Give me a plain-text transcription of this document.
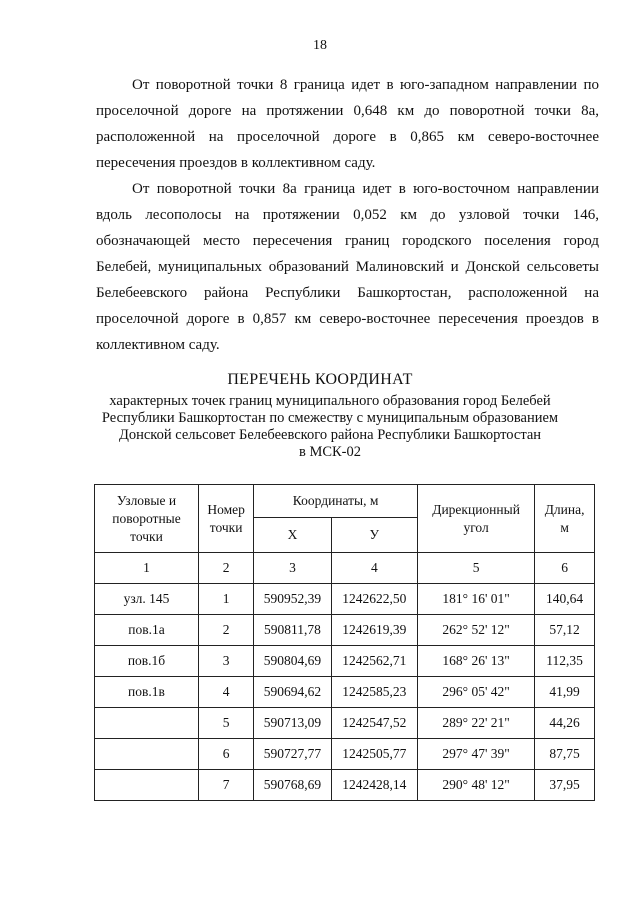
18

От поворотной точки 8 граница идет в юго-западном направлении по проселочной дороге на протяжении 0,648 км до поворотной точки 8а, расположенной на проселочной дороге в 0,865 км северо-восточнее пересечения проездов в коллективном саду.

От поворотной точки 8а граница идет в юго-восточном направлении вдоль лесополосы на протяжении 0,052 км до узловой точки 146, обозначающей место пересечения границ городского поселения город Белебей, муниципальных образований Малиновский и Донской сельсоветы Белебеевского района Республики Башкортостан, расположенной на проселочной дороге в 0,857 км северо-восточнее пересечения проездов в коллективном саду.

ПЕРЕЧЕНЬ КООРДИНАТ
характерных точек границ муниципального образования город Белебей
Республики Башкортостан по смежеству с муниципальным образованием
Донской сельсовет Белебеевского района Республики Башкортостан
в МСК-02
Узловые и поворотные точки	Номер точки	Координаты, м		Дирекционный угол	Длина, м
		X	У		
1	2	3	4	5	6
узл. 145	1	590952,39	1242622,50	181° 16' 01"	140,64
пов.1а	2	590811,78	1242619,39	262° 52' 12"	57,12
пов.1б	3	590804,69	1242562,71	168° 26' 13"	112,35
пов.1в	4	590694,62	1242585,23	296° 05' 42"	41,99
	5	590713,09	1242547,52	289° 22' 21"	44,26
	6	590727,77	1242505,77	297° 47' 39"	87,75
	7	590768,69	1242428,14	290° 48' 12"	37,95
